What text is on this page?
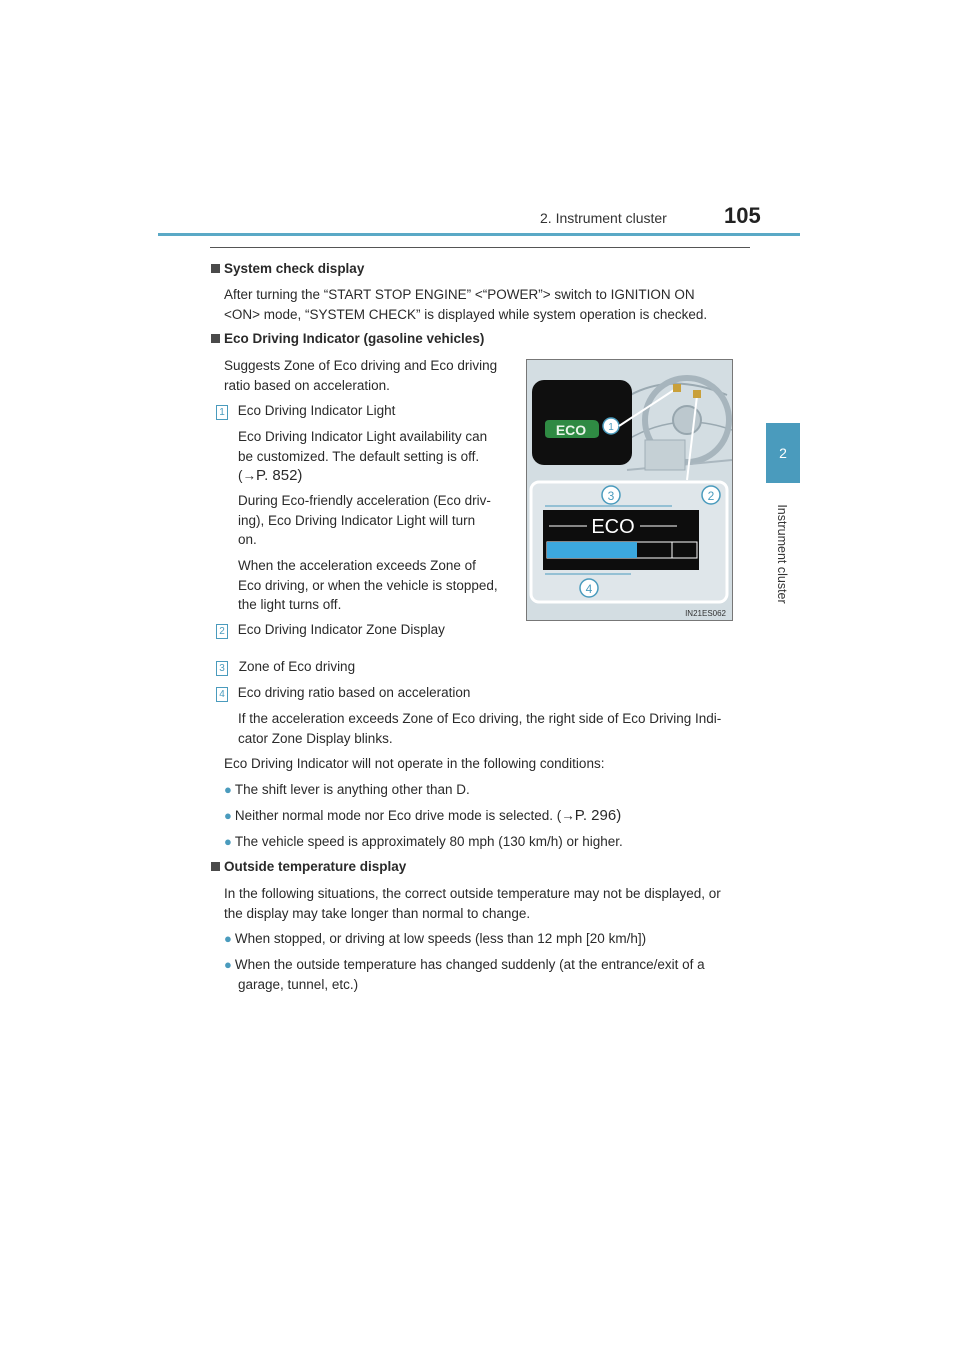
2. Instrument cluster	105
2
Instrument cluster
System check display
After turning the “START STOP ENGINE” <“POWER”> switch to IGNITION ON
<ON> mode, “SYSTEM CHECK” is displayed while system operation is checked.
Eco Driving Indicator (gasoline vehicles)
Suggests Zone of Eco driving and Eco driving
ratio based on acceleration.
1 Eco Driving Indicator Light
Eco Driving Indicator Light availability can
be customized. The default setting is off.
(→P. 852)
During Eco-friendly acceleration (Eco driv-
ing), Eco Driving Indicator Light will turn
on.
When the acceleration exceeds Zone of
Eco driving, or when the vehicle is stopped,
the light turns off.
2 Eco Driving Indicator Zone Display
3 Zone of Eco driving
4 Eco driving ratio based on acceleration
If the acceleration exceeds Zone of Eco driving, the right side of Eco Driving Indi-
cator Zone Display blinks.
Eco Driving Indicator will not operate in the following conditions:
● The shift lever is anything other than D.
● Neither normal mode nor Eco drive mode is selected. (→P. 296)
● The vehicle speed is approximately 80 mph (130 km/h) or higher.
Outside temperature display
In the following situations, the correct outside temperature may not be displayed, or
the display may take longer than normal to change.
● When stopped, or driving at low speeds (less than 12 mph [20 km/h])
● When the outside temperature has changed suddenly (at the entrance/exit of a
garage, tunnel, etc.)
ECO 1
ECO
3	2
4
IN21ES062
